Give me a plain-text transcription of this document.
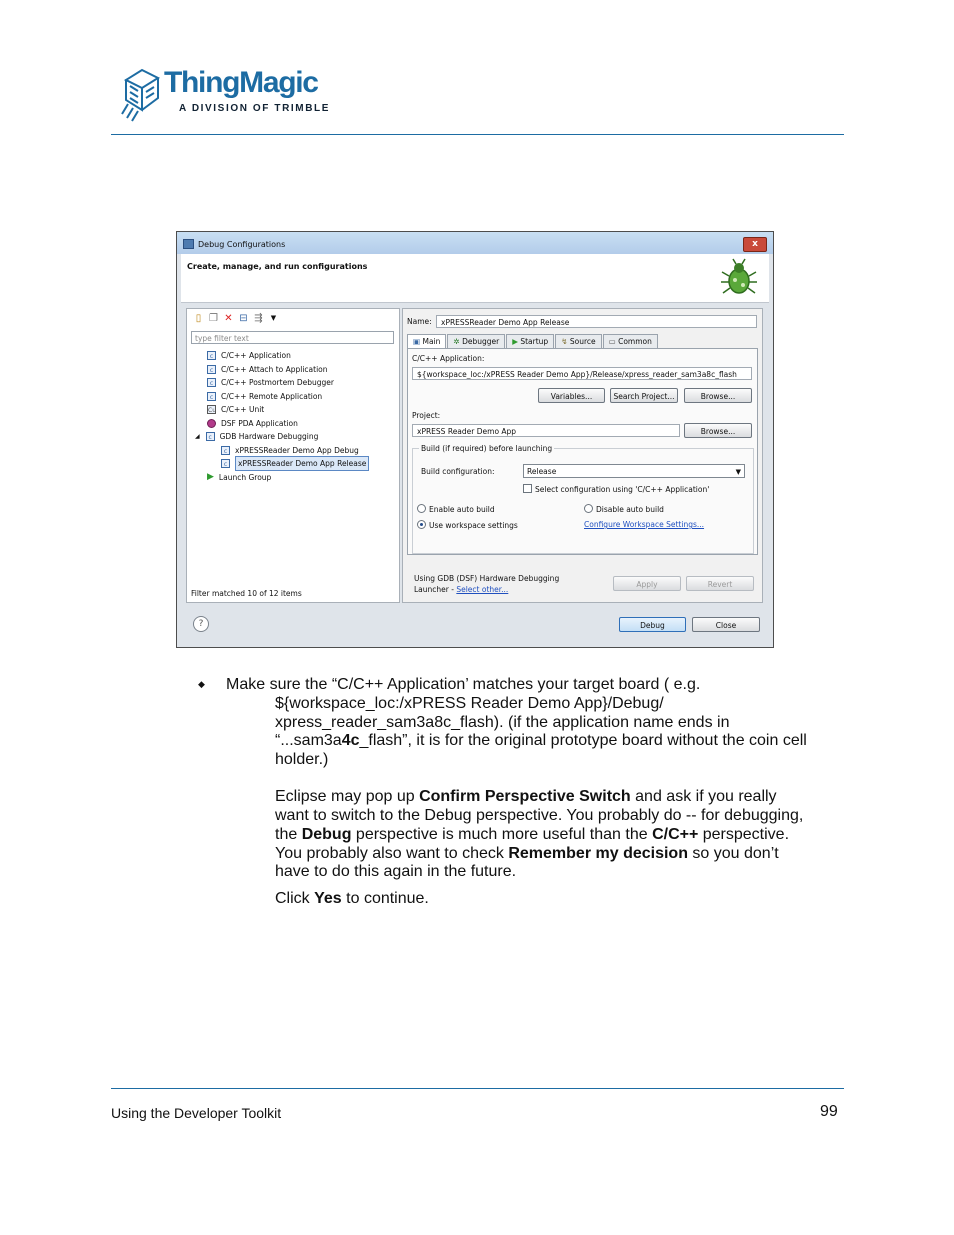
ThingMagic
A DIVISION OF TRIMBLE
Debug Configurations	x
Create, manage, and run configurations
▯ ❐ ✕ ⊟ ⇶	▼
type filter text
c	C/C++ Application
c	C/C++ Attach to Application
c	C/C++ Postmortem Debugger
c	C/C++ Remote Application
Cu C/C++ Unit
DSF PDA Application
◢	c	GDB Hardware Debugging
c	xPRESSReader Demo App Debug
c	xPRESSReader Demo App Release
▶ Launch Group
Filter matched 10 of 12 items
Name:	xPRESSReader Demo App Release
▣ Main	✲ Debugger	▶ Startup	↯ Source	▭ Common
C/C++ Application:
${workspace_loc:/xPRESS Reader Demo App}/Release/xpress_reader_sam3a8c_flash
Variables...	Search Project...	Browse...
Project:
xPRESS Reader Demo App	Browse...
Build (if required) before launching
Build configuration:	Release	▼
Select configuration using 'C/C++ Application'
Enable auto build	Disable auto build
Use workspace settings	Configure Workspace Settings...
Using GDB (DSF) Hardware Debugging
Launcher - Select other...
Apply	Revert
?	Debug	Close
◆ Make sure the “C/C++ Application’ matches your target board ( e.g.
${workspace_loc:/xPRESS Reader Demo App}/Debug/
xpress_reader_sam3a8c_flash). (if the application name ends in
“...sam3a4c_flash”, it is for the original prototype board without the coin cell
holder.)
Eclipse may pop up Confirm Perspective Switch and ask if you really
want to switch to the Debug perspective. You probably do -- for debugging,
the Debug perspective is much more useful than the C/C++ perspective.
You probably also want to check Remember my decision so you don’t
have to do this again in the future.
Click Yes to continue.
Using the Developer Toolkit	99
